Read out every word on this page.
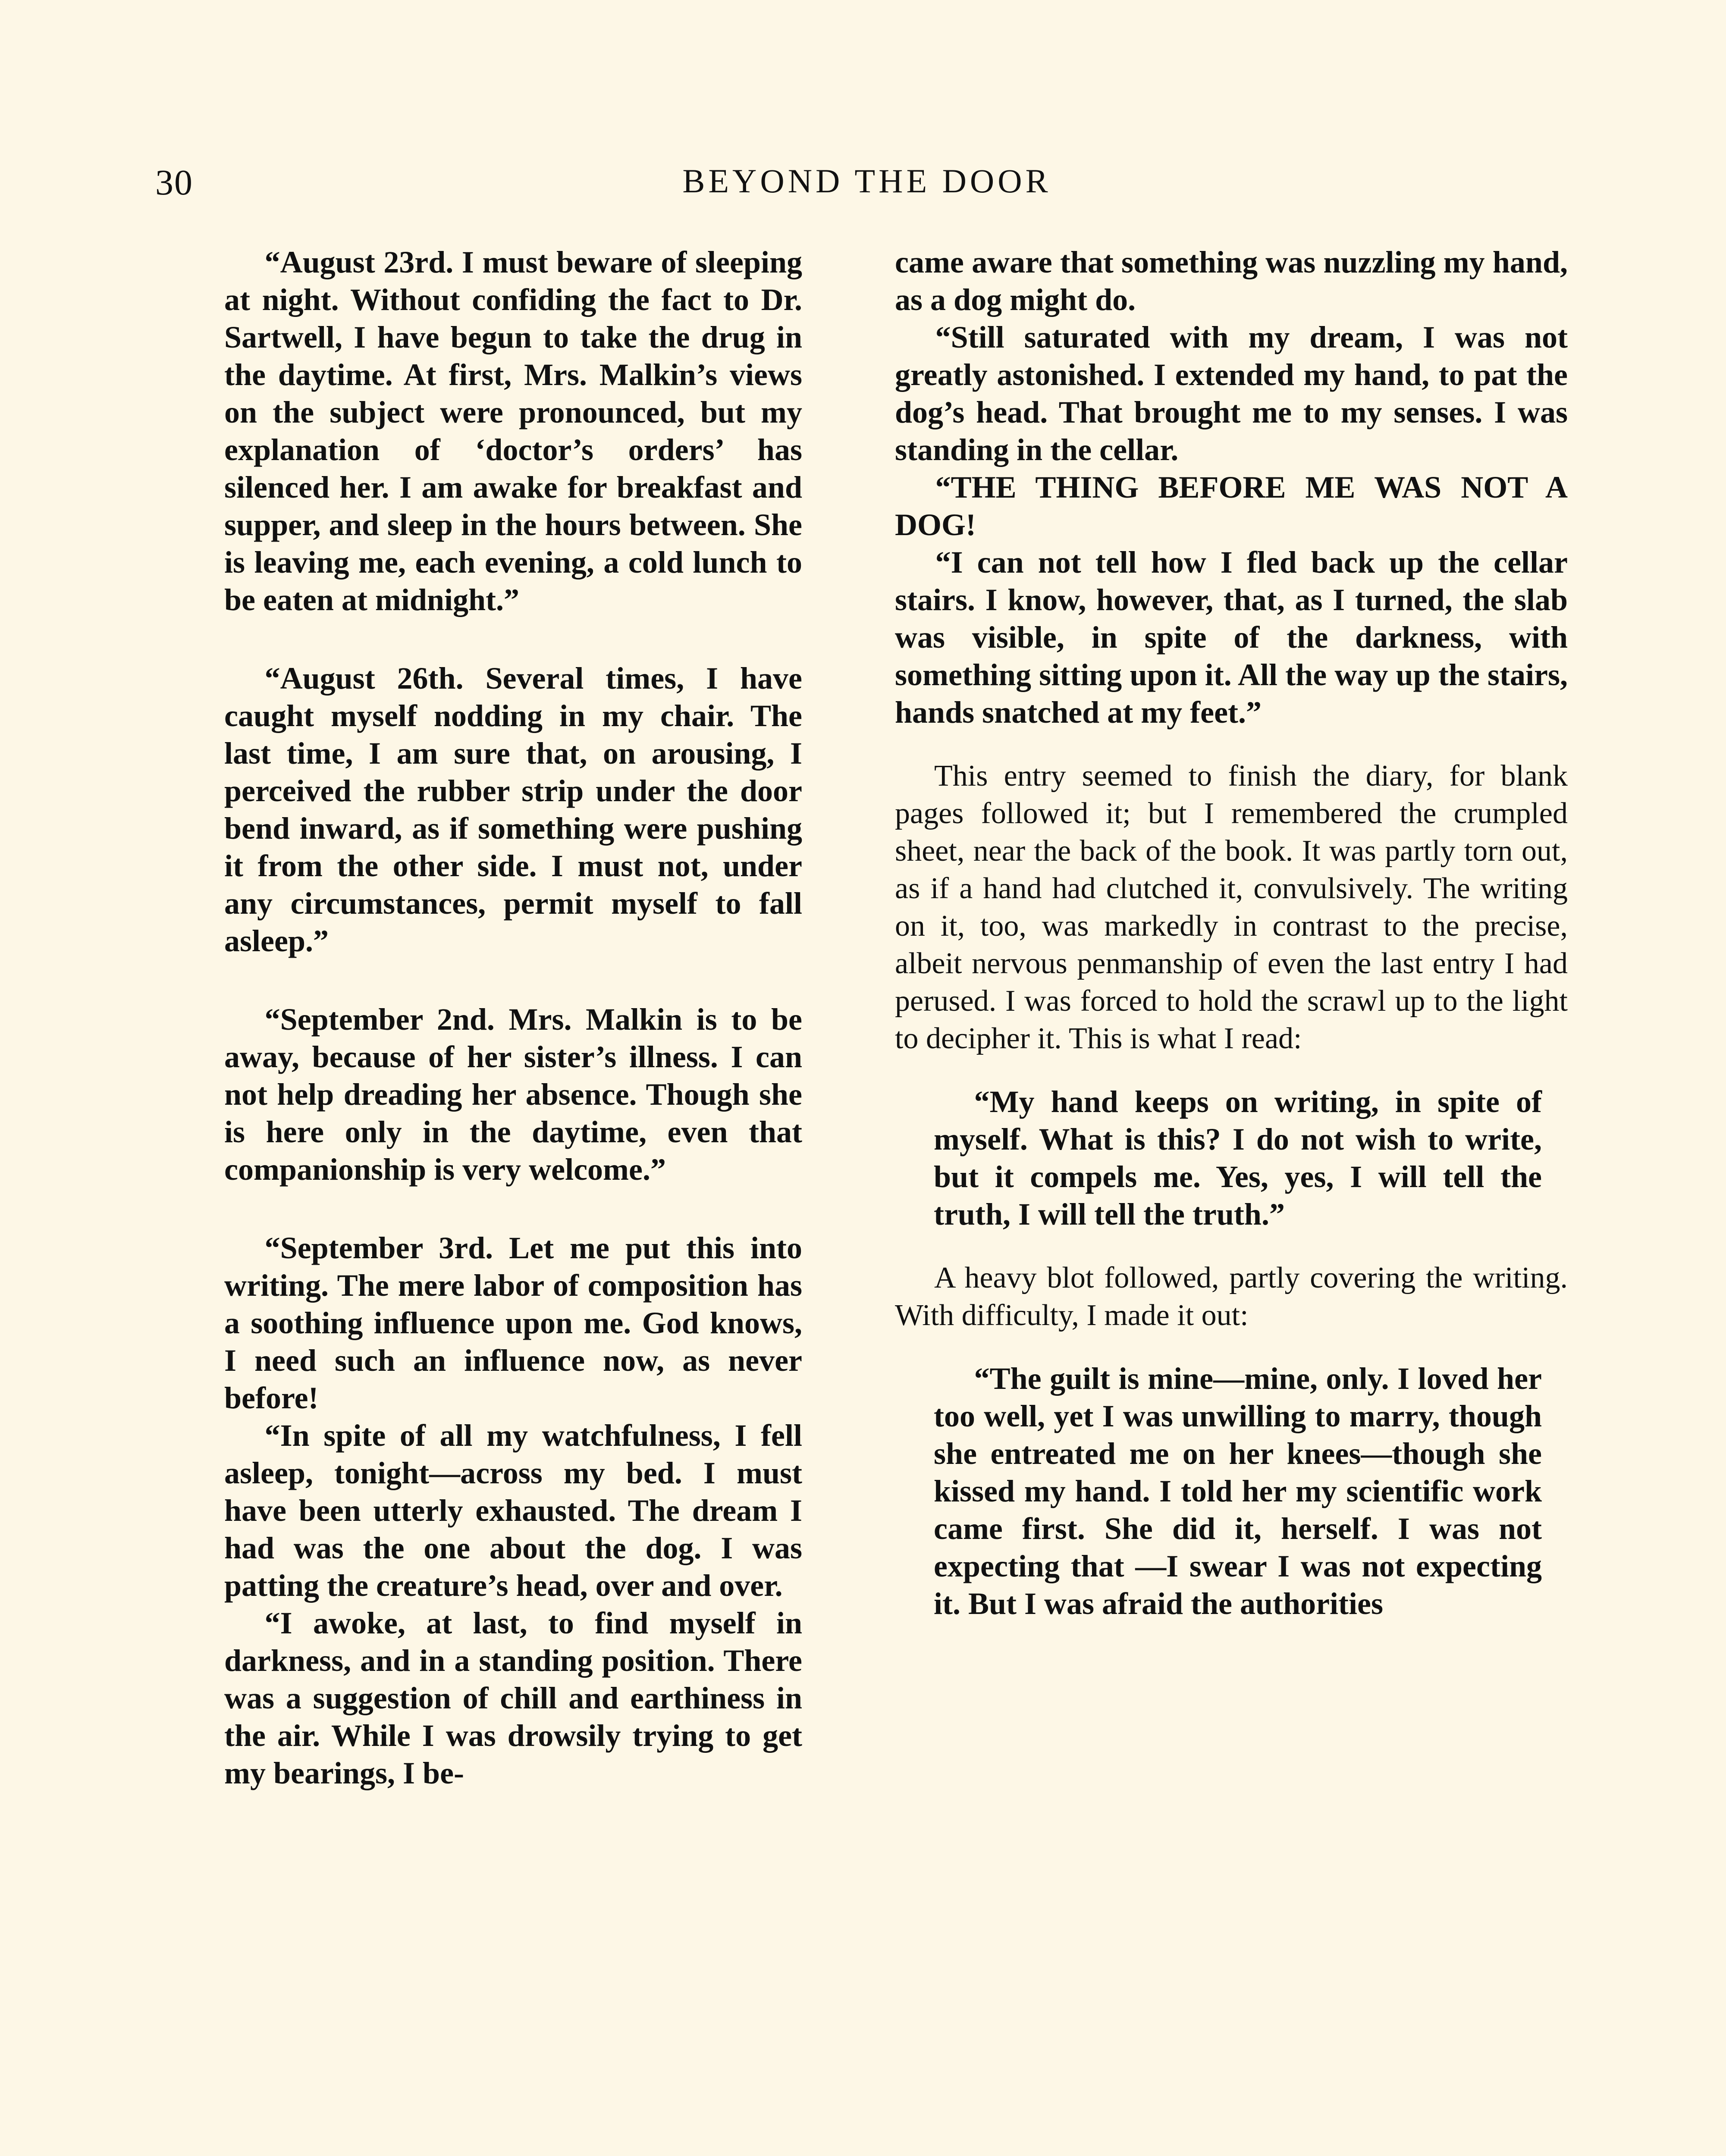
30	BEYOND THE DOOR

“August 23rd. I must beware of sleeping at night. Without confiding the fact to Dr. Sartwell, I have begun to take the drug in the daytime. At first, Mrs. Malkin’s views on the subject were pronounced, but my explanation of ‘doctor’s orders’ has silenced her. I am awake for breakfast and supper, and sleep in the hours between. She is leaving me, each evening, a cold lunch to be eaten at midnight.”

“August 26th. Several times, I have caught myself nodding in my chair. The last time, I am sure that, on arousing, I perceived the rubber strip under the door bend inward, as if something were pushing it from the other side. I must not, under any circumstances, permit myself to fall asleep.”

“September 2nd. Mrs. Malkin is to be away, because of her sister’s illness. I can not help dreading her absence. Though she is here only in the daytime, even that companionship is very welcome.”

“September 3rd. Let me put this into writing. The mere labor of composition has a soothing influence upon me. God knows, I need such an influence now, as never before!

“In spite of all my watchfulness, I fell asleep, tonight—across my bed. I must have been utterly exhausted. The dream I had was the one about the dog. I was patting the creature’s head, over and over.

“I awoke, at last, to find myself in darkness, and in a standing position. There was a suggestion of chill and earthiness in the air. While I was drowsily trying to get my bearings, I be-

came aware that something was nuzzling my hand, as a dog might do.

“Still saturated with my dream, I was not greatly astonished. I extended my hand, to pat the dog’s head. That brought me to my senses. I was standing in the cellar.

“THE THING BEFORE ME WAS NOT A DOG!

“I can not tell how I fled back up the cellar stairs. I know, however, that, as I turned, the slab was visible, in spite of the darkness, with something sitting upon it. All the way up the stairs, hands snatched at my feet.”

This entry seemed to finish the diary, for blank pages followed it; but I remembered the crumpled sheet, near the back of the book. It was partly torn out, as if a hand had clutched it, convulsively. The writing on it, too, was markedly in contrast to the precise, albeit nervous penmanship of even the last entry I had perused. I was forced to hold the scrawl up to the light to decipher it. This is what I read:

“My hand keeps on writing, in spite of myself. What is this? I do not wish to write, but it compels me. Yes, yes, I will tell the truth, I will tell the truth.”

A heavy blot followed, partly covering the writing. With difficulty, I made it out:

“The guilt is mine—mine, only. I loved her too well, yet I was unwilling to marry, though she entreated me on her knees—though she kissed my hand. I told her my scientific work came first. She did it, herself. I was not expecting that —I swear I was not expecting it. But I was afraid the authorities
